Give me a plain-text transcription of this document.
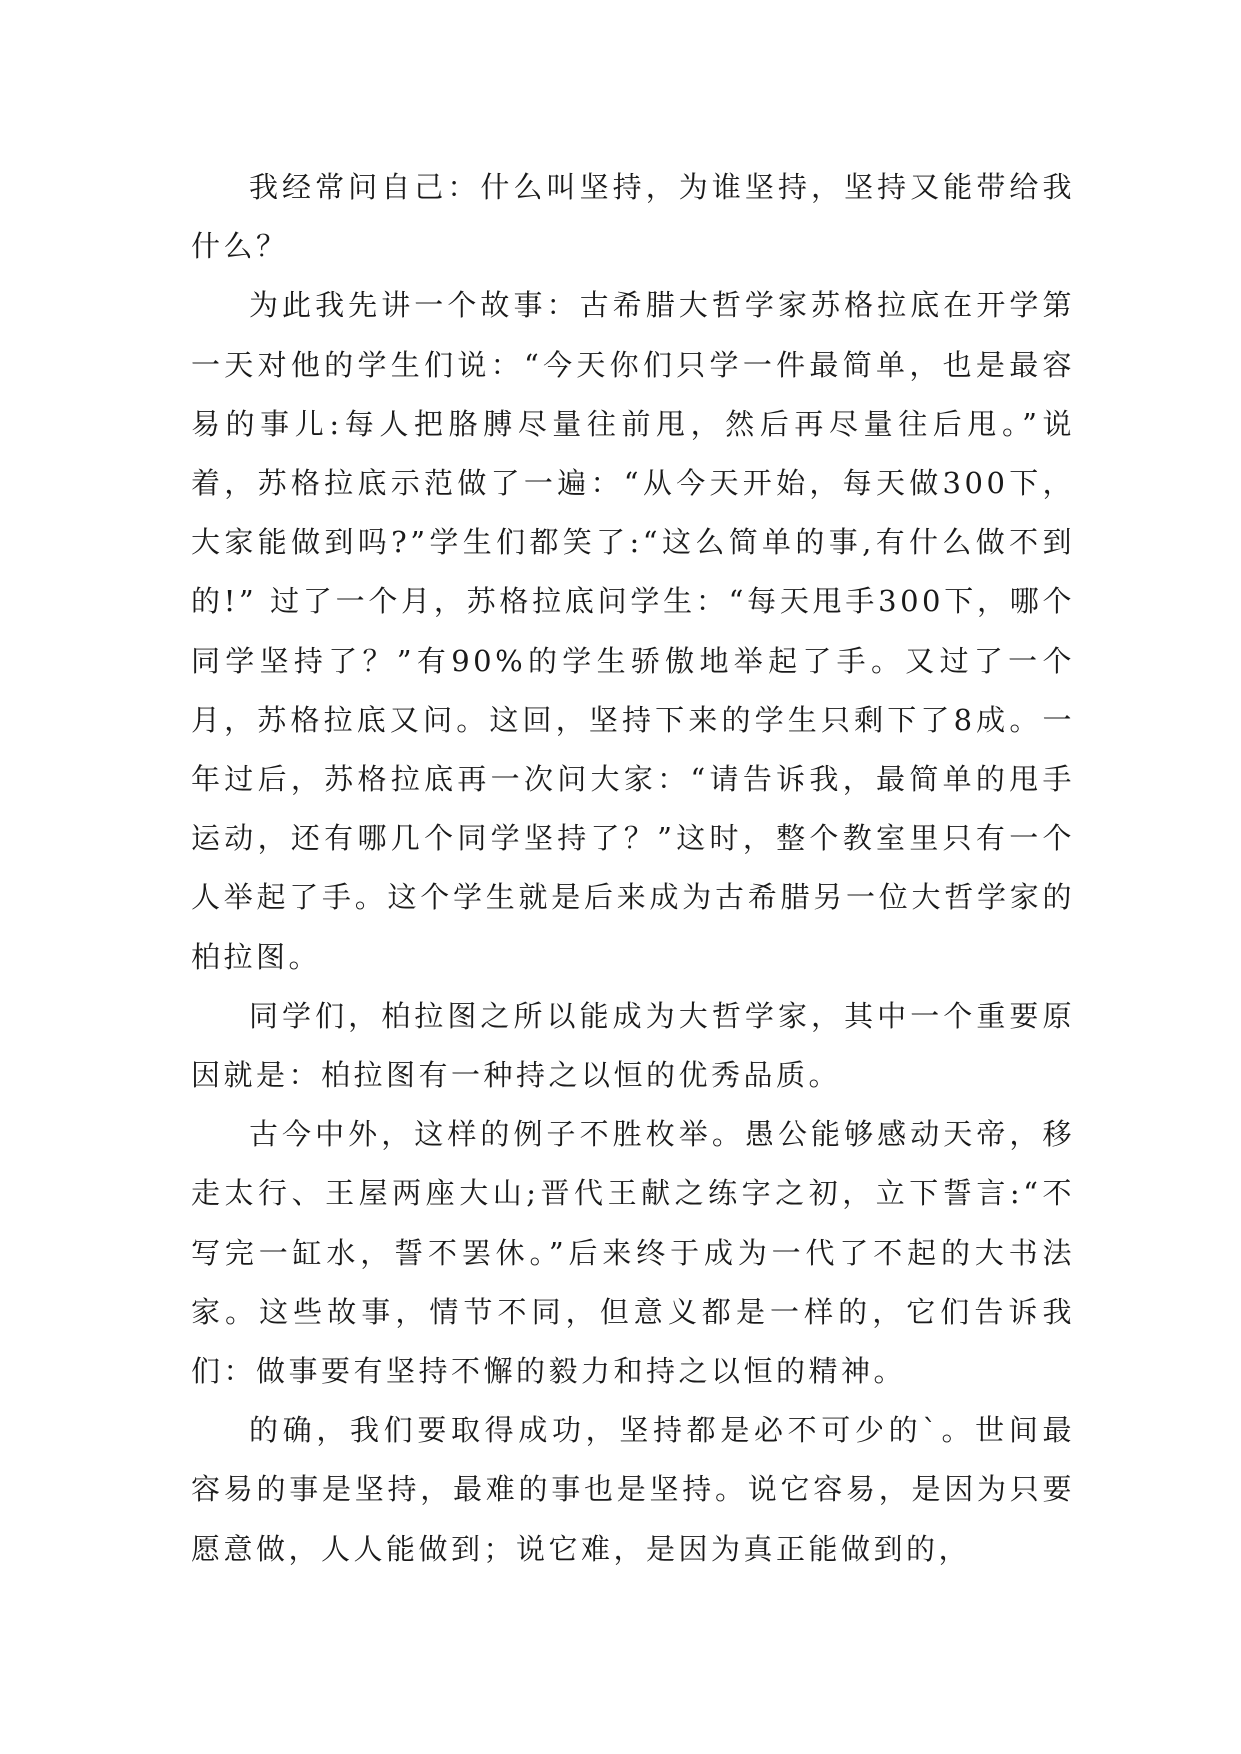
我经常问自己：什么叫坚持，为谁坚持，坚持又能带给我什么？

为此我先讲一个故事：古希腊大哲学家苏格拉底在开学第一天对他的学生们说：“今天你们只学一件最简单，也是最容易的事儿:每人把胳膊尽量往前甩，然后再尽量往后甩。”说着，苏格拉底示范做了一遍：“从今天开始，每天做300下，大家能做到吗?”学生们都笑了:“这么简单的事,有什么做不到的!” 过了一个月，苏格拉底问学生：“每天甩手300下，哪个同学坚持了？”有90%的学生骄傲地举起了手。又过了一个月，苏格拉底又问。这回，坚持下来的学生只剩下了8成。一年过后，苏格拉底再一次问大家：“请告诉我，最简单的甩手运动，还有哪几个同学坚持了？”这时，整个教室里只有一个人举起了手。这个学生就是后来成为古希腊另一位大哲学家的柏拉图。

同学们，柏拉图之所以能成为大哲学家，其中一个重要原因就是：柏拉图有一种持之以恒的优秀品质。

古今中外，这样的例子不胜枚举。愚公能够感动天帝，移走太行、王屋两座大山;晋代王献之练字之初，立下誓言:“不写完一缸水，誓不罢休。”后来终于成为一代了不起的大书法家。这些故事，情节不同，但意义都是一样的，它们告诉我们：做事要有坚持不懈的毅力和持之以恒的精神。

的确，我们要取得成功，坚持都是必不可少的`。世间最容易的事是坚持，最难的事也是坚持。说它容易，是因为只要愿意做，人人能做到；说它难，是因为真正能做到的，
